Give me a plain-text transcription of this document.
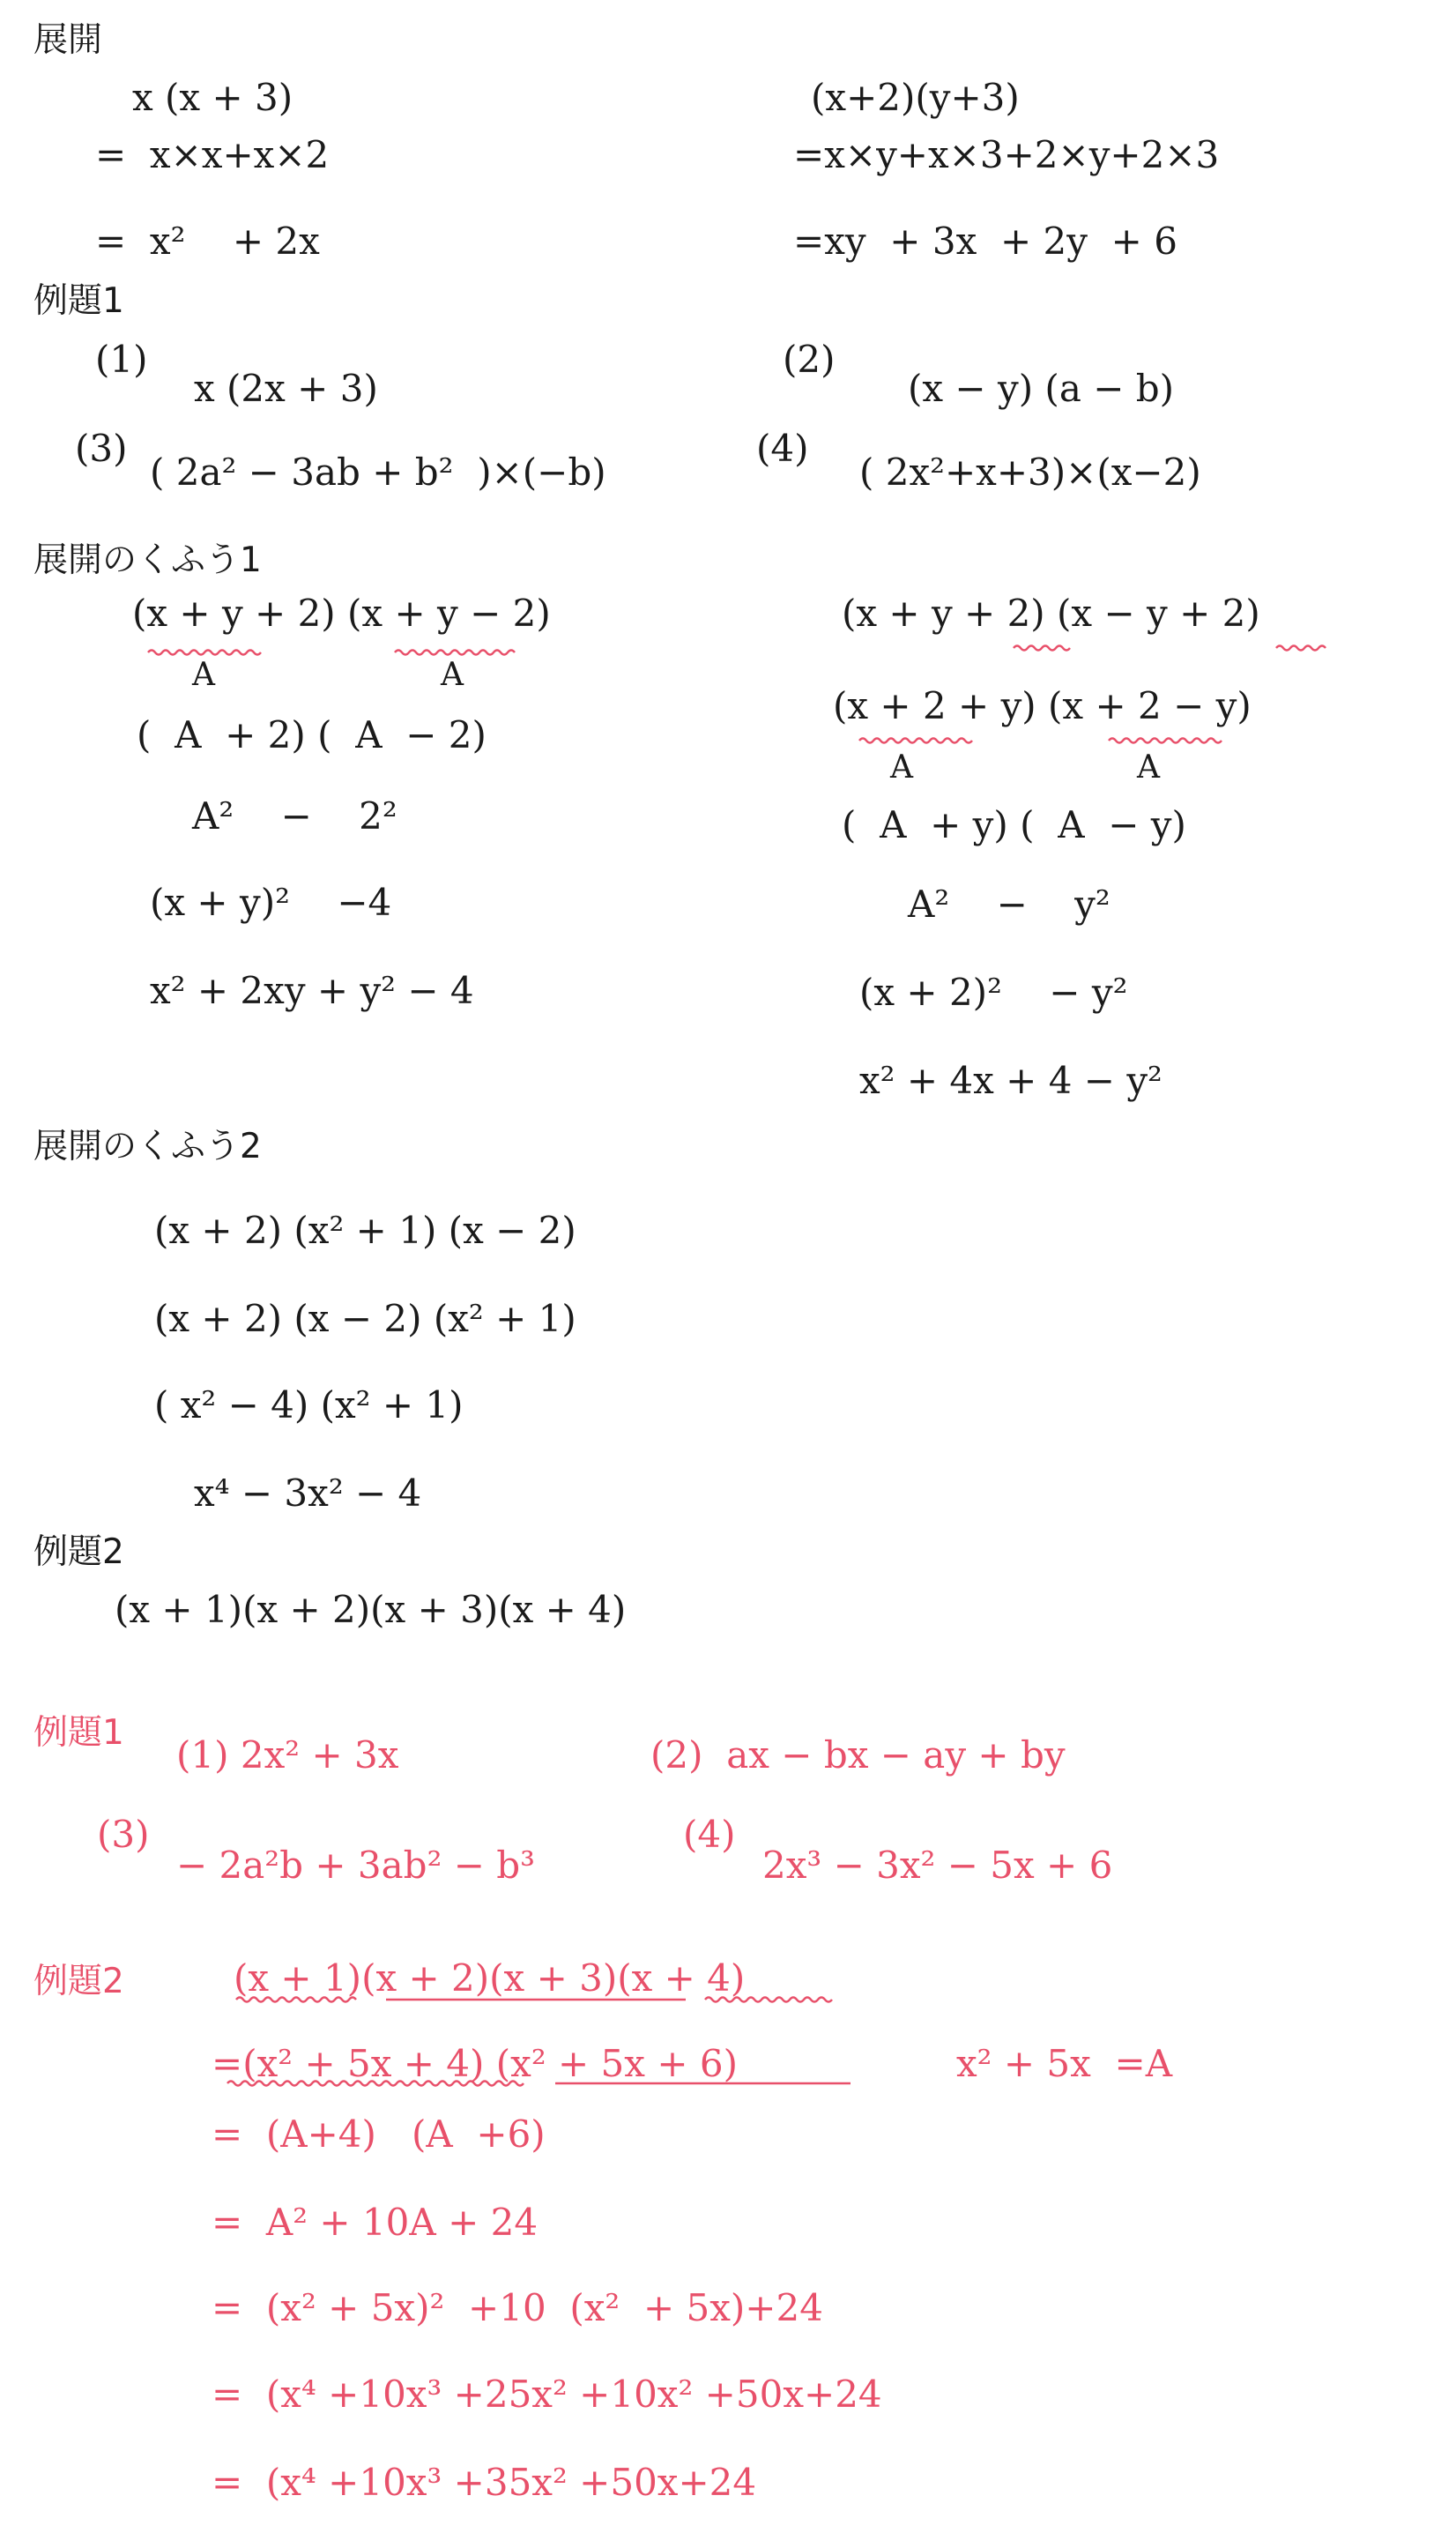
展開
x (x + 3)
=  x×x+x×2
=  x²    + 2x
(x+2)(y+3)
=x×y+x×3+2×y+2×3
=xy  + 3x  + 2y  + 6
例題1
(1)
x (2x + 3)
(2)
(x − y) (a − b)
(3)
( 2a² − 3ab + b²  )×(−b)
(4)
( 2x²+x+3)×(x−2)
展開のくふう1
(x + y + 2) (x + y − 2)
A	A
(  A  + 2) (  A  − 2)
A²    −    2²
(x + y)²    −4
x² + 2xy + y² − 4
(x + y + 2) (x − y + 2)
(x + 2 + y) (x + 2 − y)
A	A
(  A  + y) (  A  − y)
A²    −    y²
(x + 2)²    − y²
x² + 4x + 4 − y²
展開のくふう2
(x + 2) (x² + 1) (x − 2)
(x + 2) (x − 2) (x² + 1)
( x² − 4) (x² + 1)
x⁴ − 3x² − 4
例題2
(x + 1)(x + 2)(x + 3)(x + 4)
例題1
(1) 2x² + 3x	(2)  ax − bx − ay + by
(3)
− 2a²b + 3ab² − b³
(4)
2x³ − 3x² − 5x + 6
例題2	(x + 1)(x + 2)(x + 3)(x + 4)
=(x² + 5x + 4) (x² + 5x + 6)	x² + 5x  =A
=  (A+4)   (A  +6)
=  A² + 10A + 24
=  (x² + 5x)²  +10  (x²  + 5x)+24
=  (x⁴ +10x³ +25x² +10x² +50x+24
=  (x⁴ +10x³ +35x² +50x+24
